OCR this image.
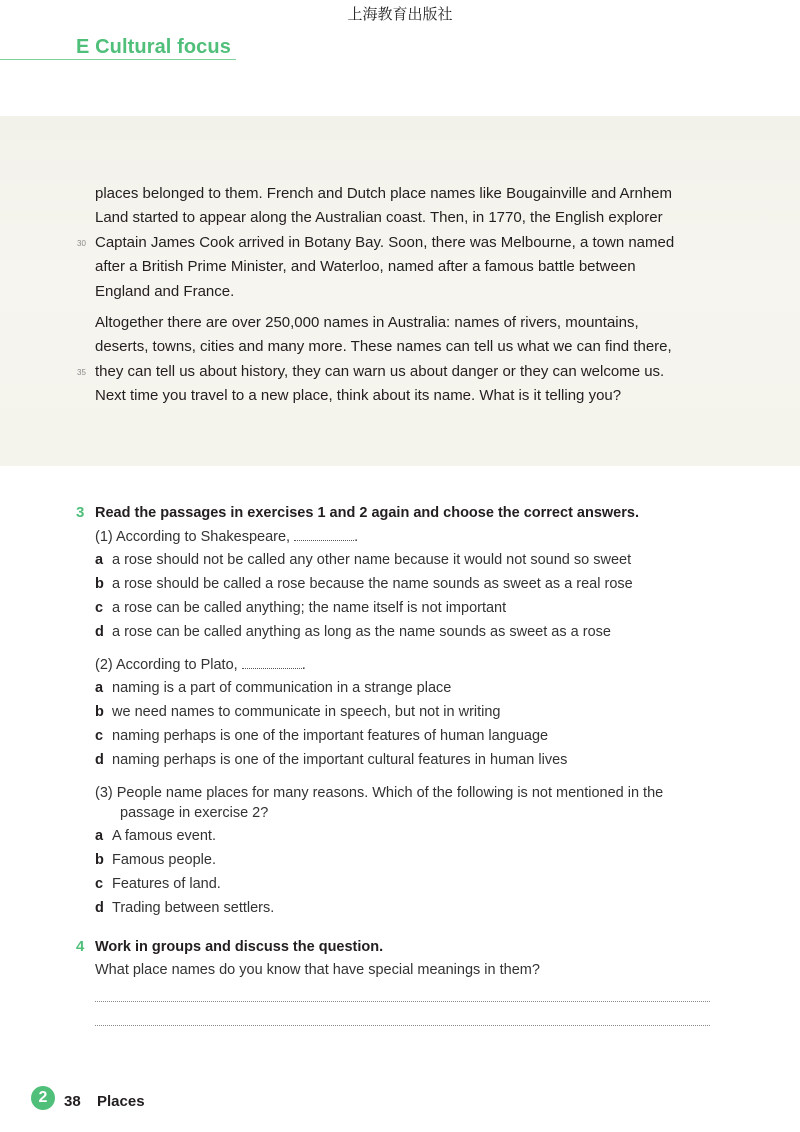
上海教育出版社
E Cultural focus
places belonged to them. French and Dutch place names like Bougainville and Arnhem
Land started to appear along the Australian coast. Then, in 1770, the English explorer
Captain James Cook arrived in Botany Bay. Soon, there was Melbourne, a town named
after a British Prime Minister, and Waterloo, named after a famous battle between
England and France.
Altogether there are over 250,000 names in Australia: names of rivers, mountains,
deserts, towns, cities and many more. These names can tell us what we can find there,
they can tell us about history, they can warn us about danger or they can welcome us.
Next time you travel to a new place, think about its name. What is it telling you?
30
35
3 Read the passages in exercises 1 and 2 again and choose the correct answers.
(1) According to Shakespeare,	.
a a rose should not be called any other name because it would not sound so sweet
b a rose should be called a rose because the name sounds as sweet as a real rose
c a rose can be called anything; the name itself is not important
d a rose can be called anything as long as the name sounds as sweet as a rose
(2) According to Plato,	.
a naming is a part of communication in a strange place
b we need names to communicate in speech, but not in writing
c naming perhaps is one of the important features of human language
d naming perhaps is one of the important cultural features in human lives
(3) People name places for many reasons. Which of the following is not mentioned in the passage in exercise 2?
a A famous event.
b Famous people.
c Features of land.
d Trading between settlers.
4 Work in groups and discuss the question.
What place names do you know that have special meanings in them?
2	38 Places
